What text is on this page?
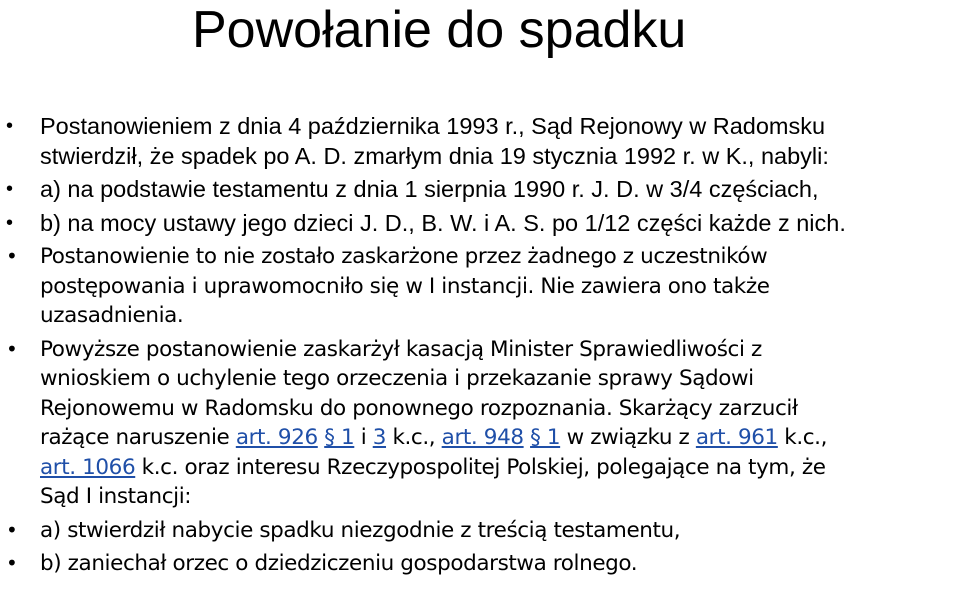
Powołanie do spadku
• Postanowieniem z dnia 4 października 1993 r., Sąd Rejonowy w Radomsku
stwierdził, że spadek po A. D. zmarłym dnia 19 stycznia 1992 r. w K., nabyli:
• a) na podstawie testamentu z dnia 1 sierpnia 1990 r. J. D. w 3/4 częściach,
• b) na mocy ustawy jego dzieci J. D., B. W. i A. S. po 1/12 części każde z nich.
• Postanowienie to nie zostało zaskarżone przez żadnego z uczestników
postępowania i uprawomocniło się w I instancji. Nie zawiera ono także
uzasadnienia.
• Powyższe postanowienie zaskarżył kasacją Minister Sprawiedliwości z
wnioskiem o uchylenie tego orzeczenia i przekazanie sprawy Sądowi
Rejonowemu w Radomsku do ponownego rozpoznania. Skarżący zarzucił
rażące naruszenie art. 926 § 1 i 3 k.c., art. 948 § 1 w związku z art. 961 k.c.,
art. 1066 k.c. oraz interesu Rzeczypospolitej Polskiej, polegające na tym, że
Sąd I instancji:
• a) stwierdził nabycie spadku niezgodnie z treścią testamentu,
• b) zaniechał orzec o dziedziczeniu gospodarstwa rolnego.
